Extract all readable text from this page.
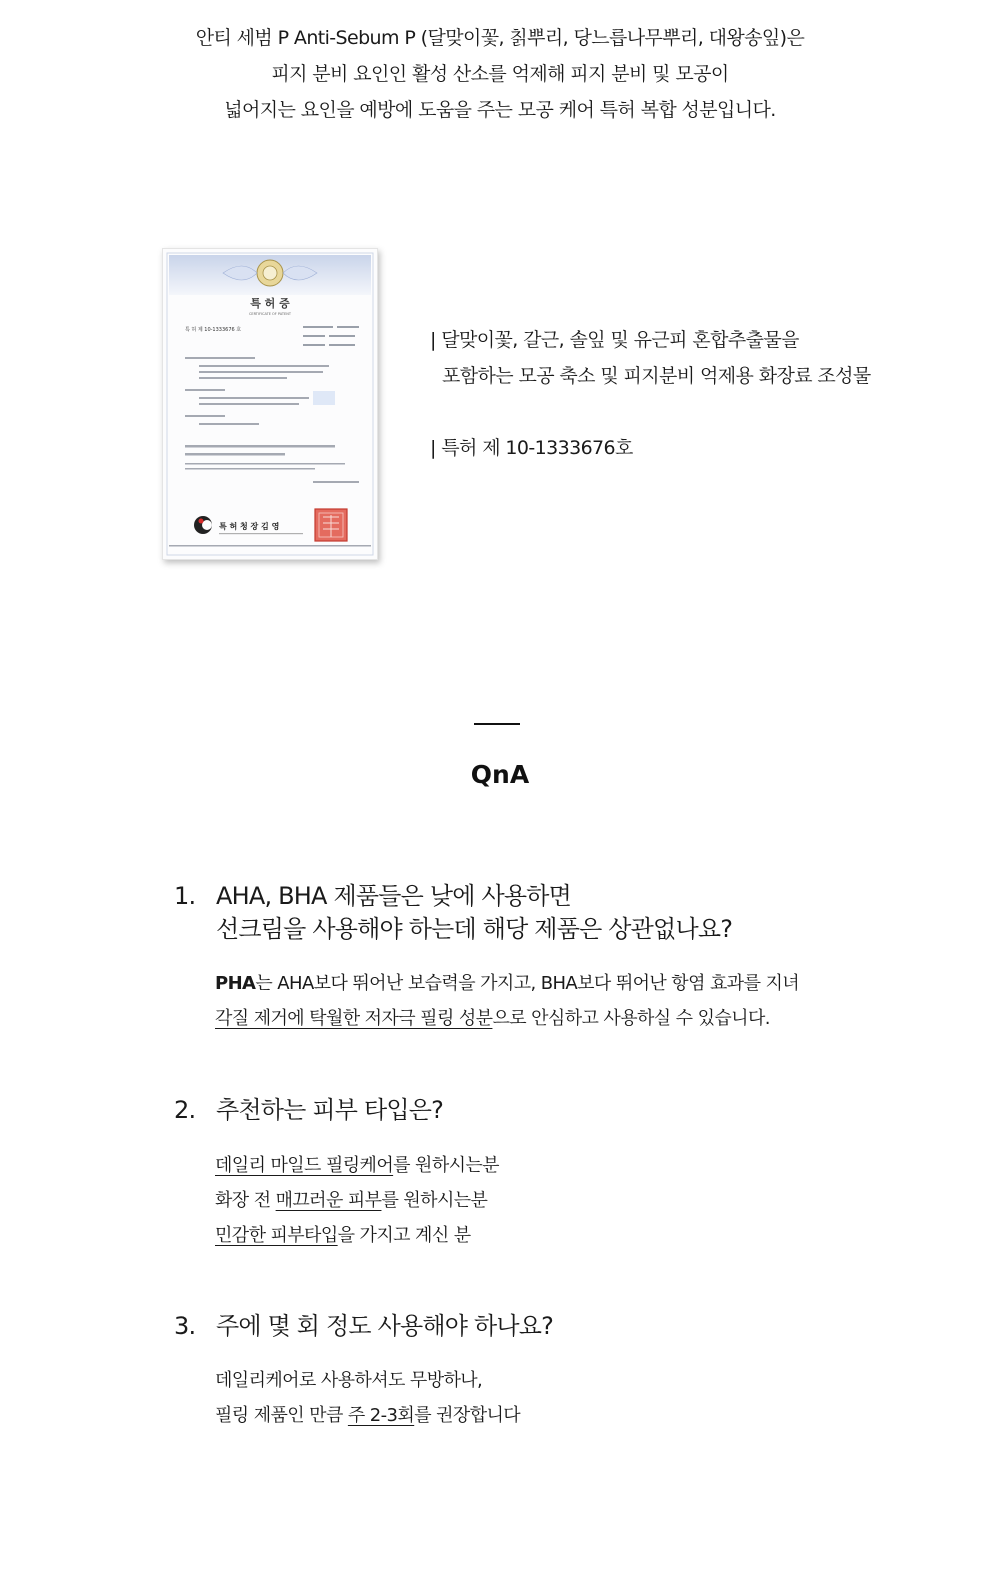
안티 세범 P Anti-Sebum P (달맞이꽃, 칡뿌리, 당느릅나무뿌리, 대왕송잎)은

피지 분비 요인인 활성 산소를 억제해 피지 분비 및 모공이

넓어지는 요인을 예방에 도움을 주는 모공 케어 특허 복합 성분입니다.

특 허 증
CERTIFICATE OF PATENT
특 허 제 10-1333676 호
특 허 청 장 김 영

| 달맞이꽃, 갈근, 솔잎 및 유근피 혼합추출물을

포함하는 모공 축소 및 피지분비 억제용 화장료 조성물

| 특허 제 10-1333676호

QnA
1. AHA, BHA 제품들은 낮에 사용하면

선크림을 사용해야 하는데 해당 제품은 상관없나요?

PHA는 AHA보다 뛰어난 보습력을 가지고, BHA보다 뛰어난 항염 효과를 지녀

각질 제거에 탁월한 저자극 필링 성분으로 안심하고 사용하실 수 있습니다.

2. 추천하는 피부 타입은?

데일리 마일드 필링케어를 원하시는분

화장 전 매끄러운 피부를 원하시는분

민감한 피부타입을 가지고 계신 분

3. 주에 몇 회 정도 사용해야 하나요?

데일리케어로 사용하셔도 무방하나,

필링 제품인 만큼 주 2-3회를 권장합니다
